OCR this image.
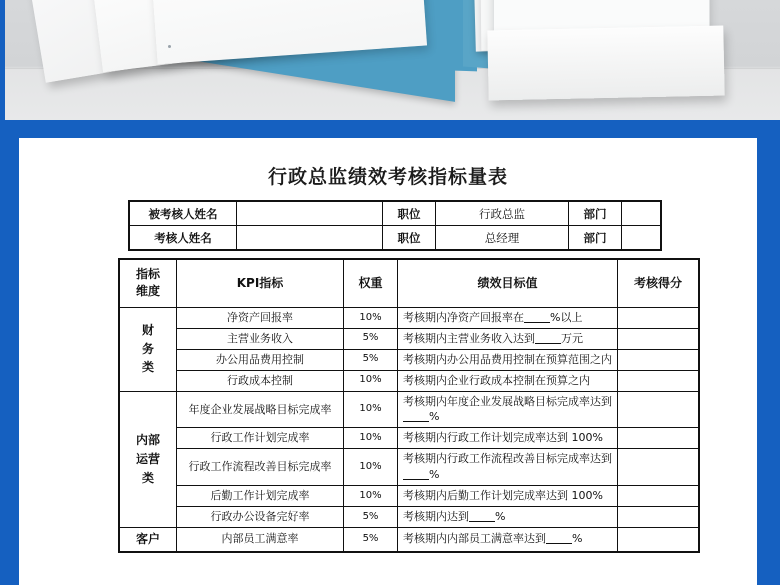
行政总监绩效考核指标量表
被考核人姓名		职位	行政总监	部门	
考核人姓名		职位	总经理	部门	
指标
维度	KPI指标	权重	绩效目标值	考核得分

财
务
类	净资产回报率	10%	考核期内净资产回报率在 %以上	
	主营业务收入	5%	考核期内主营业务收入达到 万元	
	办公用品费用控制	5%	考核期内办公用品费用控制在预算范围之内	
	行政成本控制	10%	考核期内企业行政成本控制在预算之内	

内部
运营
类	年度企业发展战略目标完成率	10%	考核期内年度企业发展战略目标完成率达到%	
	行政工作计划完成率	10%	考核期内行政工作计划完成率达到 100%	
	行政工作流程改善目标完成率	10%	考核期内行政工作流程改善目标完成率达到%	
	后勤工作计划完成率	10%	考核期内后勤工作计划完成率达到 100%	
	行政办公设备完好率	5%	考核期内达到 %	

客户	内部员工满意率	5%	考核期内内部员工满意率达到 %	
